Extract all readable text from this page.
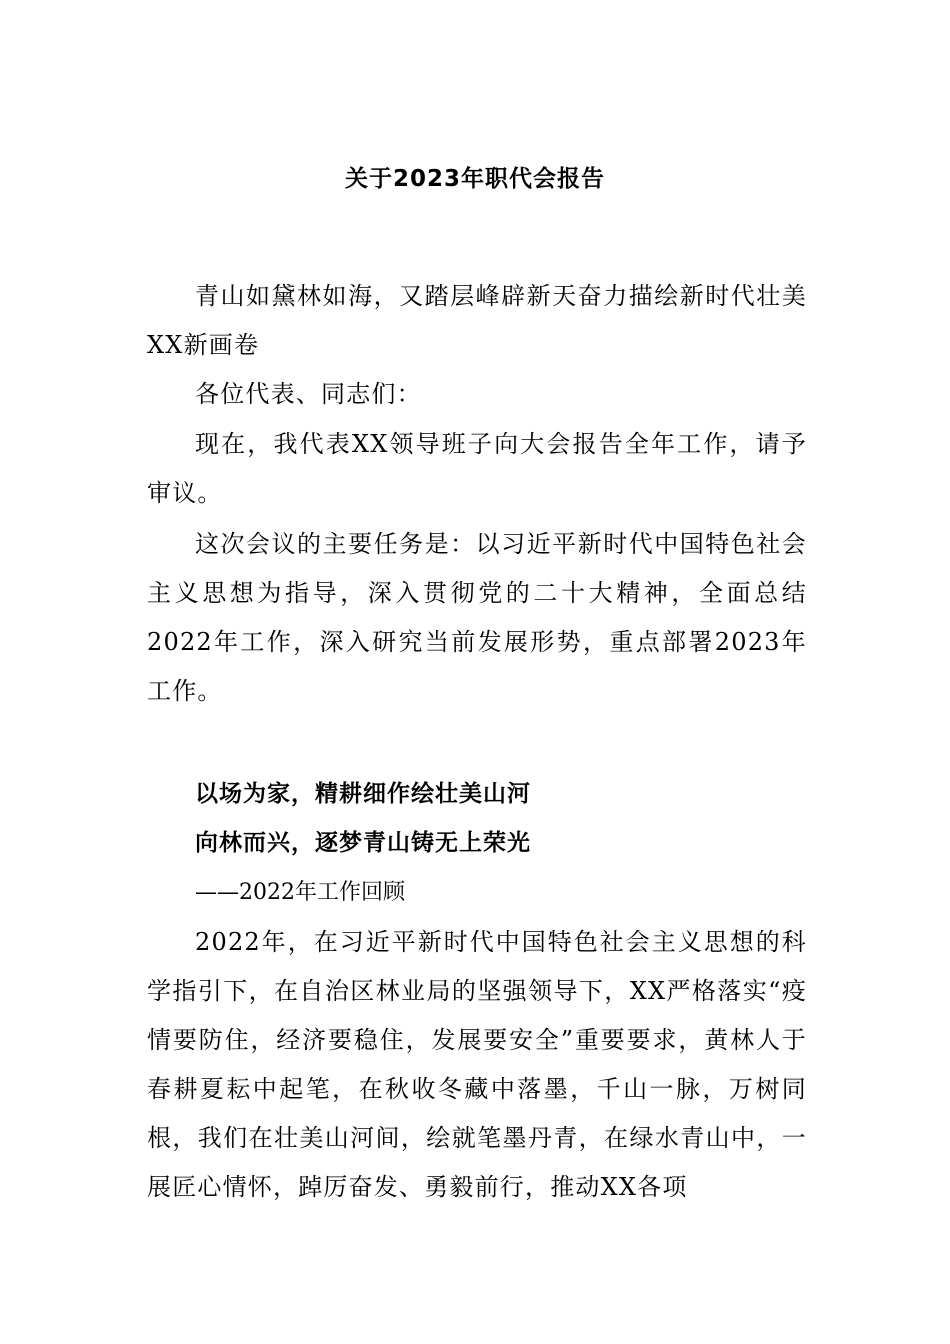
关于2023年职代会报告

青山如黛林如海，又踏层峰辟新天奋力描绘新时代壮美XX新画卷

各位代表、同志们：

现在，我代表XX领导班子向大会报告全年工作，请予审议。

这次会议的主要任务是：以习近平新时代中国特色社会主义思想为指导，深入贯彻党的二十大精神，全面总结2022年工作，深入研究当前发展形势，重点部署2023年工作。

以场为家，精耕细作绘壮美山河
向林而兴，逐梦青山铸无上荣光
——2022年工作回顾

2022年，在习近平新时代中国特色社会主义思想的科学指引下，在自治区林业局的坚强领导下，XX严格落实“疫情要防住，经济要稳住，发展要安全”重要要求，黄林人于春耕夏耘中起笔，在秋收冬藏中落墨，千山一脉，万树同根，我们在壮美山河间，绘就笔墨丹青，在绿水青山中，一展匠心情怀，踔厉奋发、勇毅前行，推动XX各项
